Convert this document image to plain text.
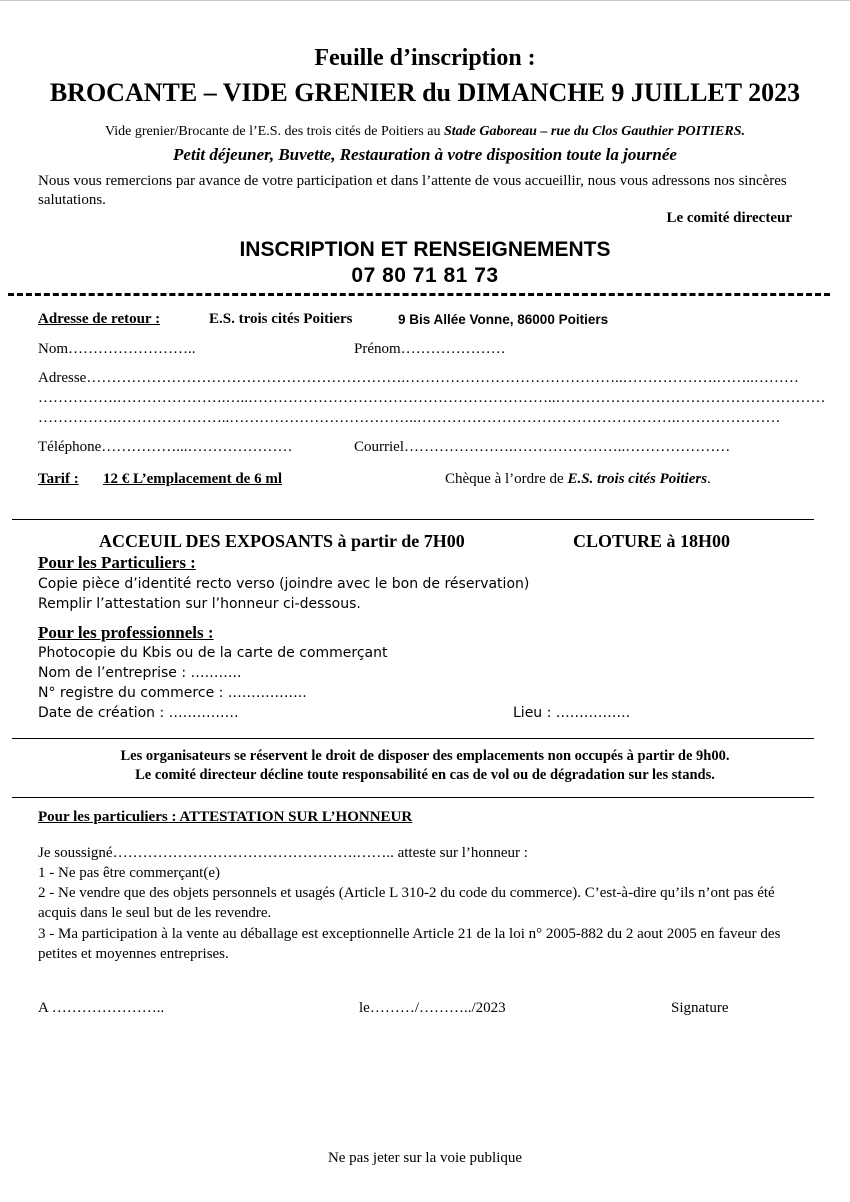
Feuille d’inscription :
BROCANTE – VIDE GRENIER du DIMANCHE 9 JUILLET 2023
Vide grenier/Brocante de l’E.S. des trois cités de Poitiers au Stade Gaboreau – rue du Clos Gauthier POITIERS.
Petit déjeuner, Buvette, Restauration à votre disposition toute la journée
Nous vous remercions par avance de votre participation et dans l’attente de vous accueillir, nous vous adressons nos sincères salutations.
Le comité directeur
INSCRIPTION ET RENSEIGNEMENTS
07 80 71 81 73
Adresse de retour :	E.S. trois cités Poitiers	9 Bis Allée Vonne, 86000 Poitiers
Nom……………………..	Prénom…………………
Adresse……………………………………………………….……………………………………..……………….……..………
…………….………………….…..……………………………………………………..………………………………………………
…………….…………………..………………………………..…………………………………………….…………………
Téléphone……………...…………………	Courriel………………….…………………..…………………
Tarif : 12 € L’emplacement de 6 ml	Chèque à l’ordre de E.S. trois cités Poitiers.
ACCEUIL DES EXPOSANTS à partir de 7H00	CLOTURE à 18H00
Pour les Particuliers :
Copie pièce d’identité recto verso (joindre avec le bon de réservation)
Remplir l’attestation sur l’honneur ci-dessous.
Pour les professionnels :
Photocopie du Kbis ou de la carte de commerçant
Nom de l’entreprise : ………..
N° registre du commerce : ……………..
Date de création : ……………	Lieu : …………….
Les organisateurs se réservent le droit de disposer des emplacements non occupés à partir de 9h00.
Le comité directeur décline toute responsabilité en cas de vol ou de dégradation sur les stands.
Pour les particuliers : ATTESTATION SUR L’HONNEUR
Je soussigné………………………………………….…….. atteste sur l’honneur :
1 - Ne pas être commerçant(e)
2 - Ne vendre que des objets personnels et usagés (Article L 310-2 du code du commerce). C’est-à-dire qu’ils n’ont pas été acquis dans le seul but de les revendre.
3 - Ma participation à la vente au déballage est exceptionnelle Article 21 de la loi n° 2005-882 du 2 aout 2005 en faveur des petites et moyennes entreprises.
A …………………..	le………/………../2023	Signature
Ne pas jeter sur la voie publique
